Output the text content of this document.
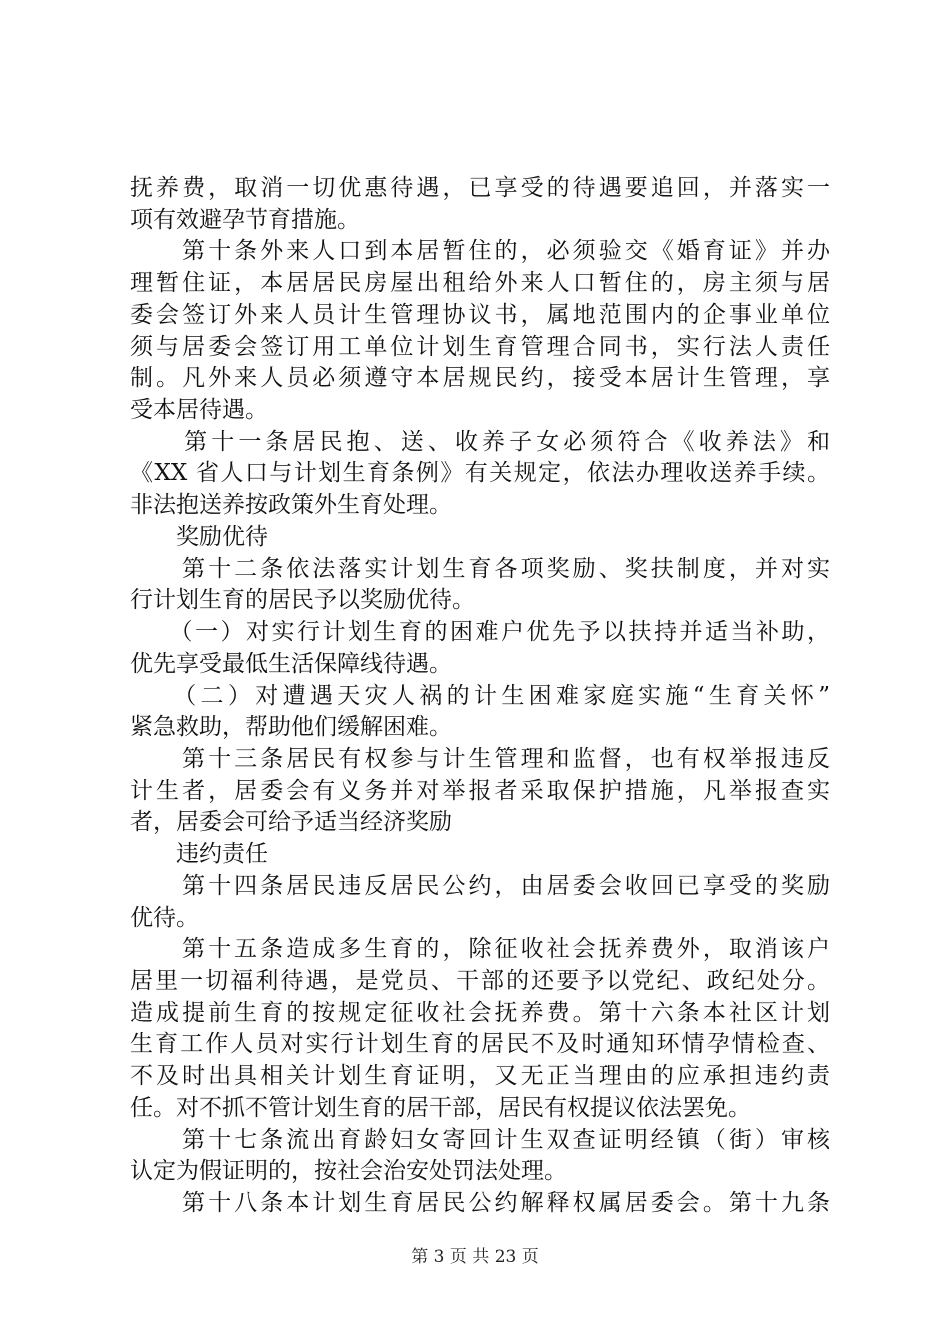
抚养费，取消一切优惠待遇，已享受的待遇要追回，并落实一
项有效避孕节育措施。
　　第十条外来人口到本居暂住的，必须验交《婚育证》并办
理暂住证，本居居民房屋出租给外来人口暂住的，房主须与居
委会签订外来人员计生管理协议书，属地范围内的企事业单位
须与居委会签订用工单位计划生育管理合同书，实行法人责任
制。凡外来人员必须遵守本居规民约，接受本居计生管理，享
受本居待遇。
　　第十一条居民抱、送、收养子女必须符合《收养法》和
《XX 省人口与计划生育条例》有关规定，依法办理收送养手续。
非法抱送养按政策外生育处理。
　　奖励优待
　　第十二条依法落实计划生育各项奖励、奖扶制度，并对实
行计划生育的居民予以奖励优待。
　　（一）对实行计划生育的困难户优先予以扶持并适当补助，
优先享受最低生活保障线待遇。
　　（二）对遭遇天灾人祸的计生困难家庭实施“生育关怀”
紧急救助，帮助他们缓解困难。
　　第十三条居民有权参与计生管理和监督，也有权举报违反
计生者，居委会有义务并对举报者采取保护措施，凡举报查实
者，居委会可给予适当经济奖励
　　违约责任
　　第十四条居民违反居民公约，由居委会收回已享受的奖励
优待。
　　第十五条造成多生育的，除征收社会抚养费外，取消该户
居里一切福利待遇，是党员、干部的还要予以党纪、政纪处分。
造成提前生育的按规定征收社会抚养费。第十六条本社区计划
生育工作人员对实行计划生育的居民不及时通知环情孕情检查、
不及时出具相关计划生育证明，又无正当理由的应承担违约责
任。对不抓不管计划生育的居干部，居民有权提议依法罢免。
第 3 页 共 23 页
　　第十七条流出育龄妇女寄回计生双查证明经镇（街）审核
认定为假证明的，按社会治安处罚法处理。
　　第十八条本计划生育居民公约解释权属居委会。第十九条
